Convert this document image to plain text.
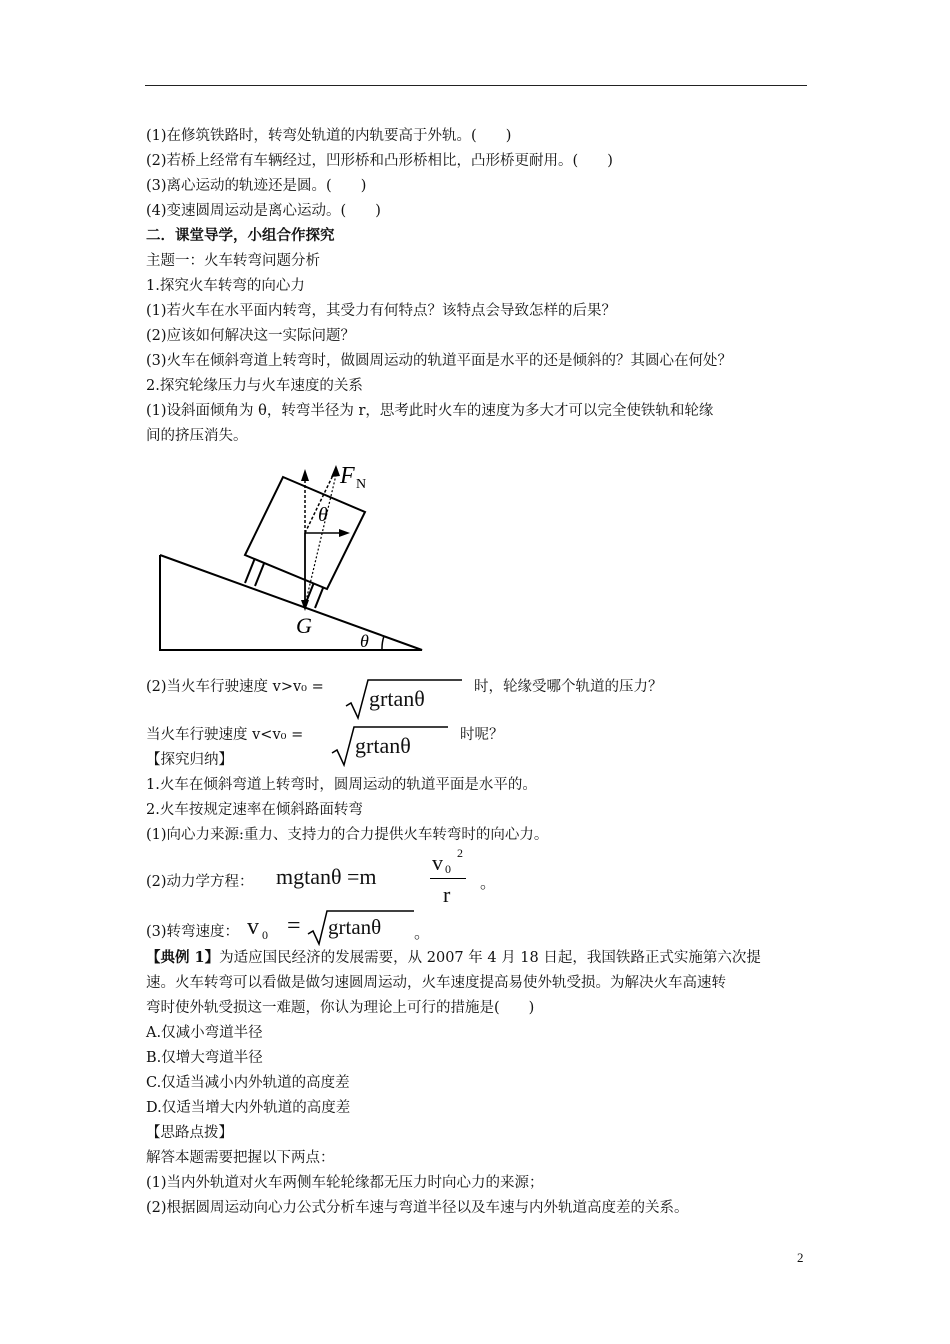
(1)在修筑铁路时，转弯处轨道的内轨要高于外轨。(　　)
(2)若桥上经常有车辆经过，凹形桥和凸形桥相比，凸形桥更耐用。(　　)
(3)离心运动的轨迹还是圆。(　　)
(4)变速圆周运动是离心运动。(　　)
二．课堂导学，小组合作探究
主题一：火车转弯问题分析
1.探究火车转弯的向心力
(1)若火车在水平面内转弯，其受力有何特点？该特点会导致怎样的后果？
(2)应该如何解决这一实际问题？
(3)火车在倾斜弯道上转弯时，做圆周运动的轨道平面是水平的还是倾斜的？其圆心在何处？
2.探究轮缘压力与火车速度的关系
(1)设斜面倾角为 θ，转弯半径为 r，思考此时火车的速度为多大才可以完全使铁轨和轮缘
间的挤压消失。
F N
θ
G
θ
(2)当火车行驶速度 v>v₀ = grtanθ	时，轮缘受哪个轨道的压力？
当火车行驶速度 v<v₀ = grtanθ	时呢？
【探究归纳】
1.火车在倾斜弯道上转弯时，圆周运动的轨道平面是水平的。
2.火车按规定速率在倾斜路面转弯
(1)向心力来源:重力、支持力的合力提供火车转弯时的向心力。
(2)动力学方程： mgtanθ =m
v 0
2
r 。
(3)转弯速度： v 0 = grtanθ 。
【典例 1】为适应国民经济的发展需要，从 2007 年 4 月 18 日起，我国铁路正式实施第六次提
速。火车转弯可以看做是做匀速圆周运动，火车速度提高易使外轨受损。为解决火车高速转
弯时使外轨受损这一难题，你认为理论上可行的措施是(　　)
A.仅减小弯道半径
B.仅增大弯道半径
C.仅适当减小内外轨道的高度差
D.仅适当增大内外轨道的高度差
【思路点拨】
解答本题需要把握以下两点：
(1)当内外轨道对火车两侧车轮轮缘都无压力时向心力的来源；
(2)根据圆周运动向心力公式分析车速与弯道半径以及车速与内外轨道高度差的关系。
2
